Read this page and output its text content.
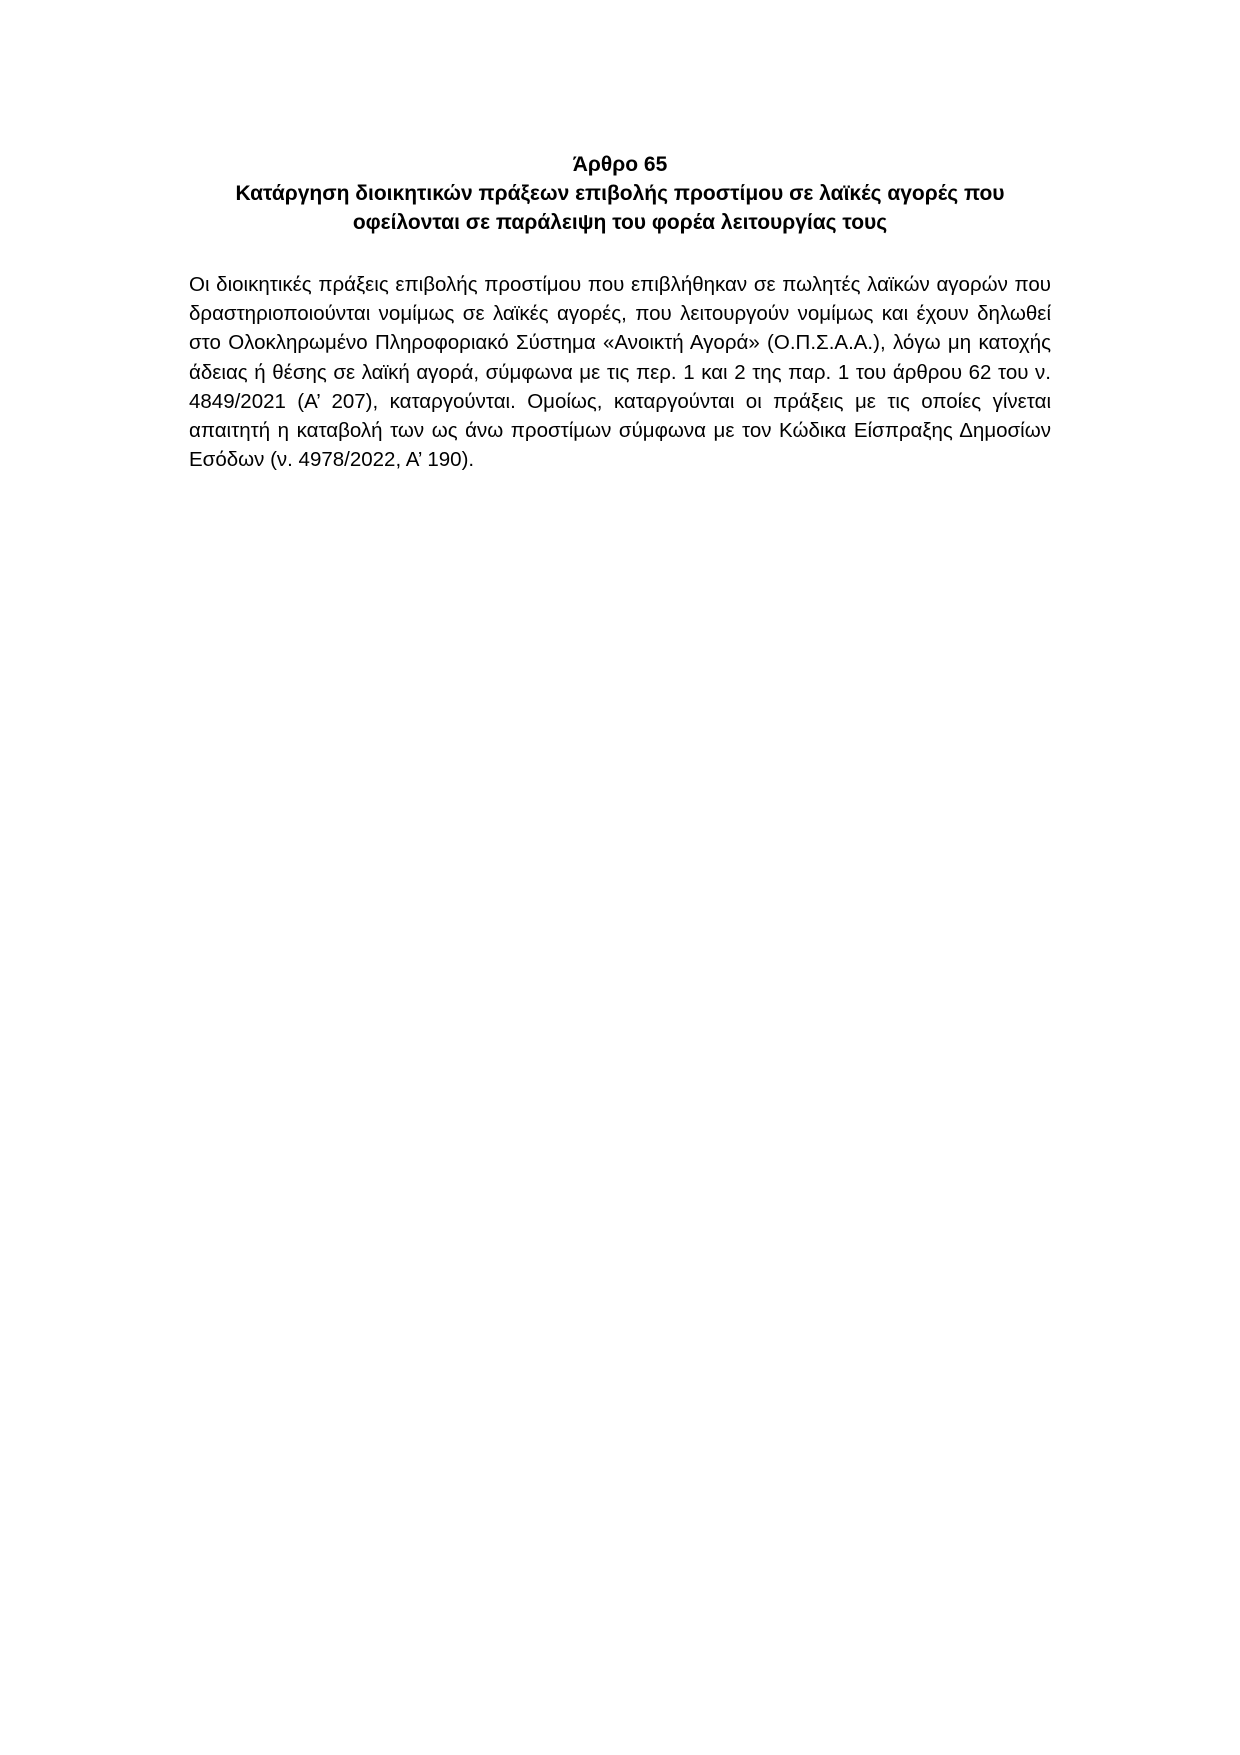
Άρθρο 65
Κατάργηση διοικητικών πράξεων επιβολής προστίμου σε λαϊκές αγορές που
οφείλονται σε παράλειψη του φορέα λειτουργίας τους

Οι διοικητικές πράξεις επιβολής προστίμου που επιβλήθηκαν σε πωλητές λαϊκών αγορών που δραστηριοποιούνται νομίμως σε λαϊκές αγορές, που λειτουργούν νομίμως και έχουν δηλωθεί στο Ολοκληρωμένο Πληροφοριακό Σύστημα «Ανοικτή Αγορά» (Ο.Π.Σ.Α.Α.), λόγω μη κατοχής άδειας ή θέσης σε λαϊκή αγορά, σύμφωνα με τις περ. 1 και 2 της παρ. 1 του άρθρου 62 του ν. 4849/2021 (Α’ 207), καταργούνται. Ομοίως, καταργούνται οι πράξεις με τις οποίες γίνεται απαιτητή η καταβολή των ως άνω προστίμων σύμφωνα με τον Κώδικα Είσπραξης Δημοσίων Εσόδων (ν. 4978/2022, Α’ 190).
